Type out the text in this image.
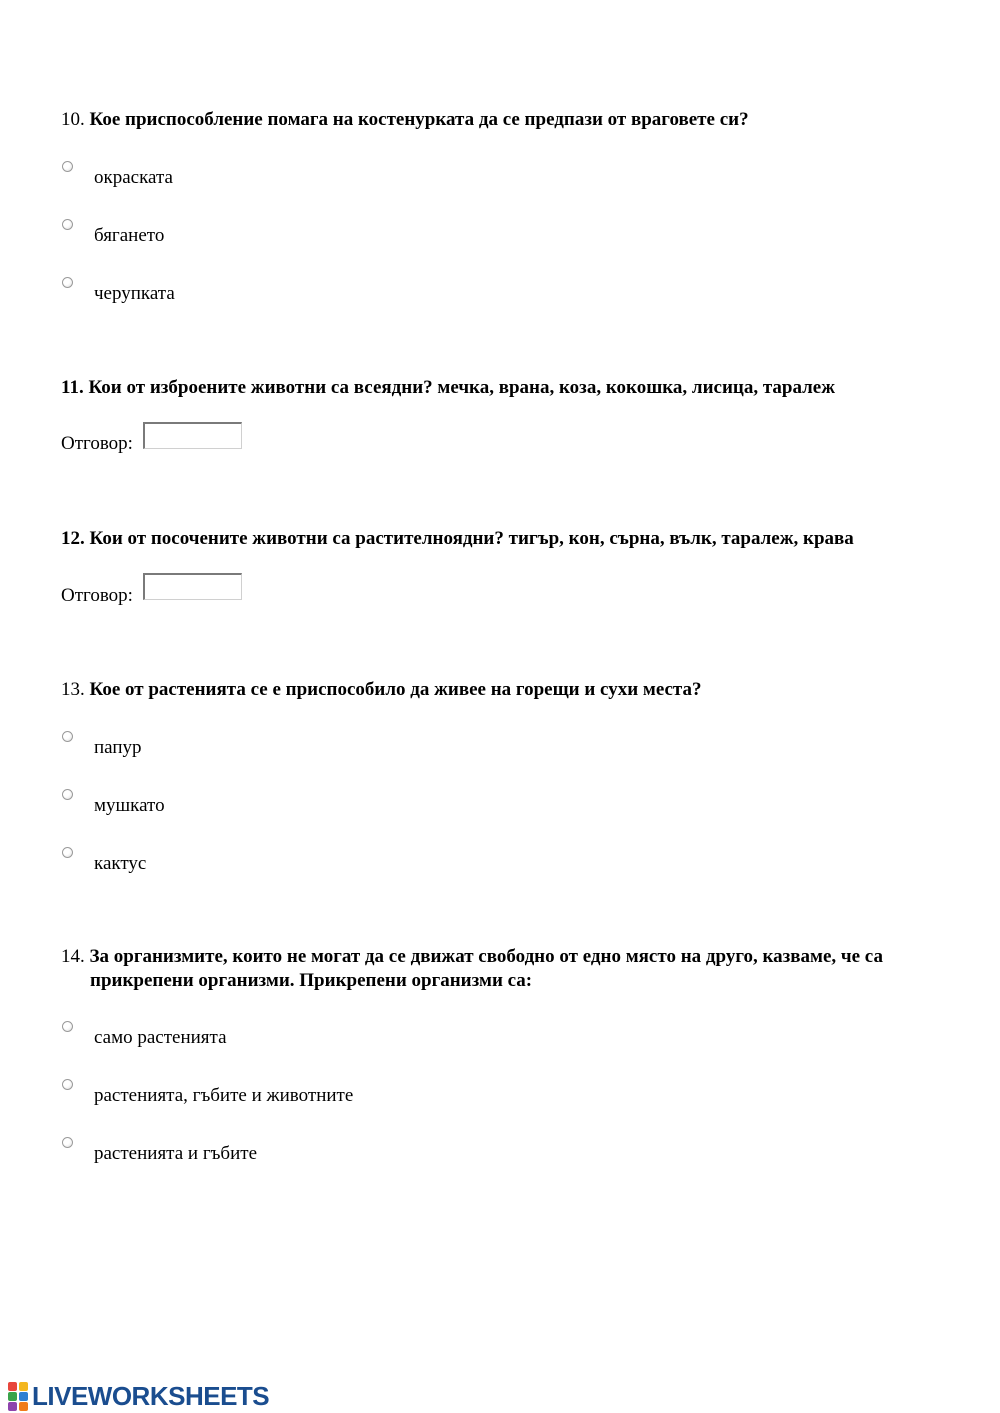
10. Кое приспособление помага на костенурката да се предпази от враговете си?
окраската
бягането
черупката
11. Кои от изброените животни са всеядни? мечка, врана, коза, кокошка, лисица, таралеж
Отговор:
12. Кои от посочените животни са растителноядни? тигър, кон, сърна, вълк, таралеж, крава
Отговор:
13. Кое от растенията се е приспособило да живее на горещи и сухи места?
папур
мушкато
кактус
14. За организмите, които не могат да се движат свободно от едно място на друго, казваме, че са прикрепени организми. Прикрепени организми са:
само растенията
растенията, гъбите и животните
растенията и гъбите
LIVEWORKSHEETS
